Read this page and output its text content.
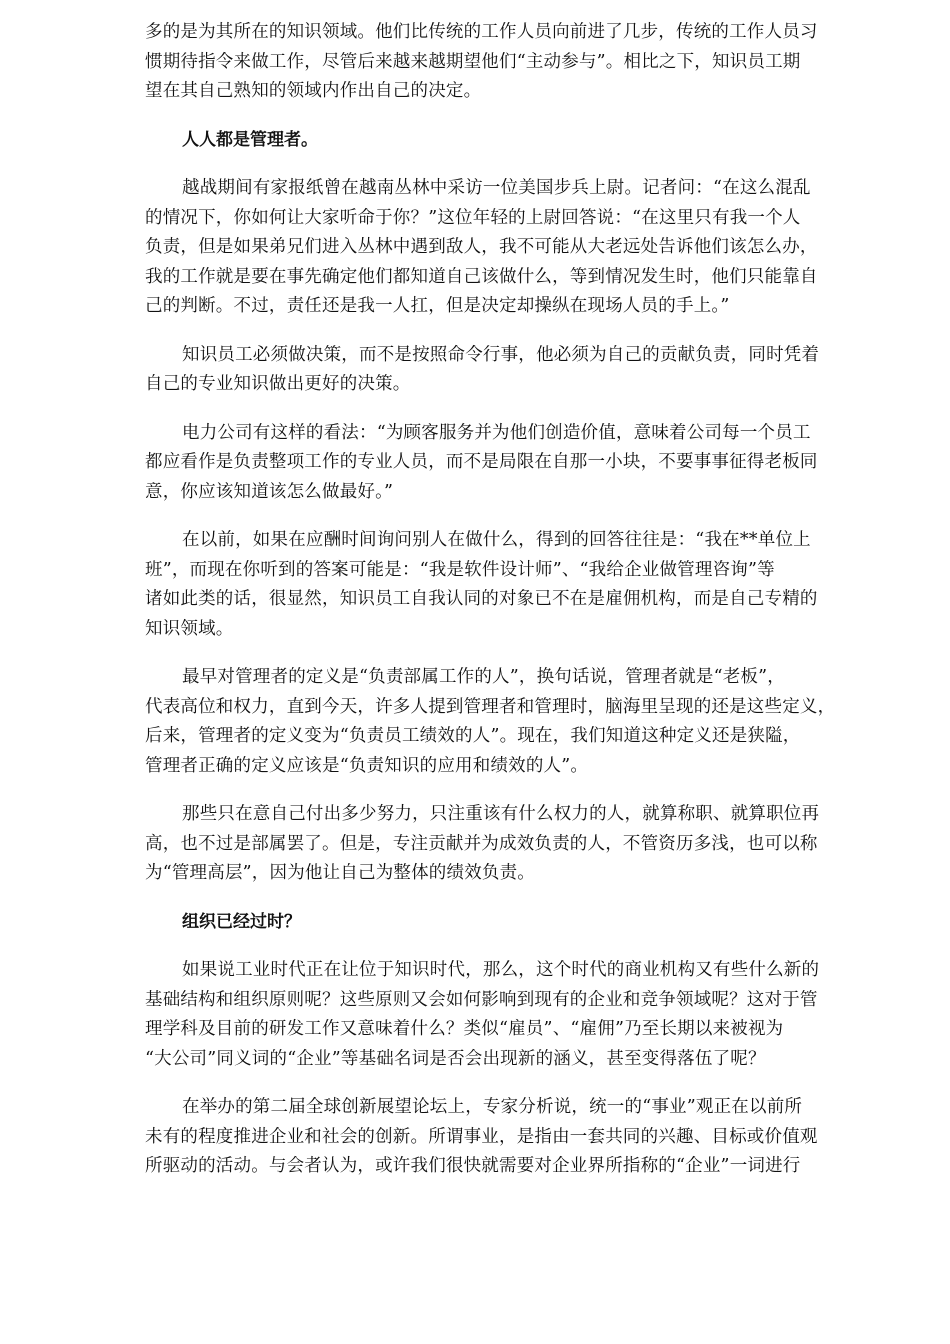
多的是为其所在的知识领域。他们比传统的工作人员向前进了几步，传统的工作人员习
惯期待指令来做工作，尽管后来越来越期望他们“主动参与”。相比之下，知识员工期
望在其自己熟知的领域内作出自己的决定。
人人都是管理者。
越战期间有家报纸曾在越南丛林中采访一位美国步兵上尉。记者问：“在这么混乱
的情况下，你如何让大家听命于你？”这位年轻的上尉回答说：“在这里只有我一个人
负责，但是如果弟兄们进入丛林中遇到敌人，我不可能从大老远处告诉他们该怎么办，
我的工作就是要在事先确定他们都知道自己该做什么，等到情况发生时，他们只能靠自
己的判断。不过，责任还是我一人扛，但是决定却操纵在现场人员的手上。”
知识员工必须做决策，而不是按照命令行事，他必须为自己的贡献负责，同时凭着
自己的专业知识做出更好的决策。
电力公司有这样的看法：“为顾客服务并为他们创造价值，意味着公司每一个员工
都应看作是负责整项工作的专业人员，而不是局限在自那一小块，不要事事征得老板同
意，你应该知道该怎么做最好。”
在以前，如果在应酬时间询问别人在做什么，得到的回答往往是：“我在**单位上
班”，而现在你听到的答案可能是：“我是软件设计师”、“我给企业做管理咨询”等
诸如此类的话，很显然，知识员工自我认同的对象已不在是雇佣机构，而是自己专精的
知识领域。
最早对管理者的定义是“负责部属工作的人”，换句话说，管理者就是“老板”，
代表高位和权力，直到今天，许多人提到管理者和管理时，脑海里呈现的还是这些定义，
后来，管理者的定义变为“负责员工绩效的人”。现在，我们知道这种定义还是狭隘，
管理者正确的定义应该是“负责知识的应用和绩效的人”。
那些只在意自己付出多少努力，只注重该有什么权力的人，就算称职、就算职位再
高，也不过是部属罢了。但是，专注贡献并为成效负责的人，不管资历多浅，也可以称
为“管理高层”，因为他让自己为整体的绩效负责。
组织已经过时？
如果说工业时代正在让位于知识时代，那么，这个时代的商业机构又有些什么新的
基础结构和组织原则呢？这些原则又会如何影响到现有的企业和竞争领域呢？这对于管
理学科及目前的研发工作又意味着什么？类似“雇员”、“雇佣”乃至长期以来被视为
“大公司”同义词的“企业”等基础名词是否会出现新的涵义，甚至变得落伍了呢？
在举办的第二届全球创新展望论坛上，专家分析说，统一的“事业”观正在以前所
未有的程度推进企业和社会的创新。所谓事业，是指由一套共同的兴趣、目标或价值观
所驱动的活动。与会者认为，或许我们很快就需要对企业界所指称的“企业”一词进行
